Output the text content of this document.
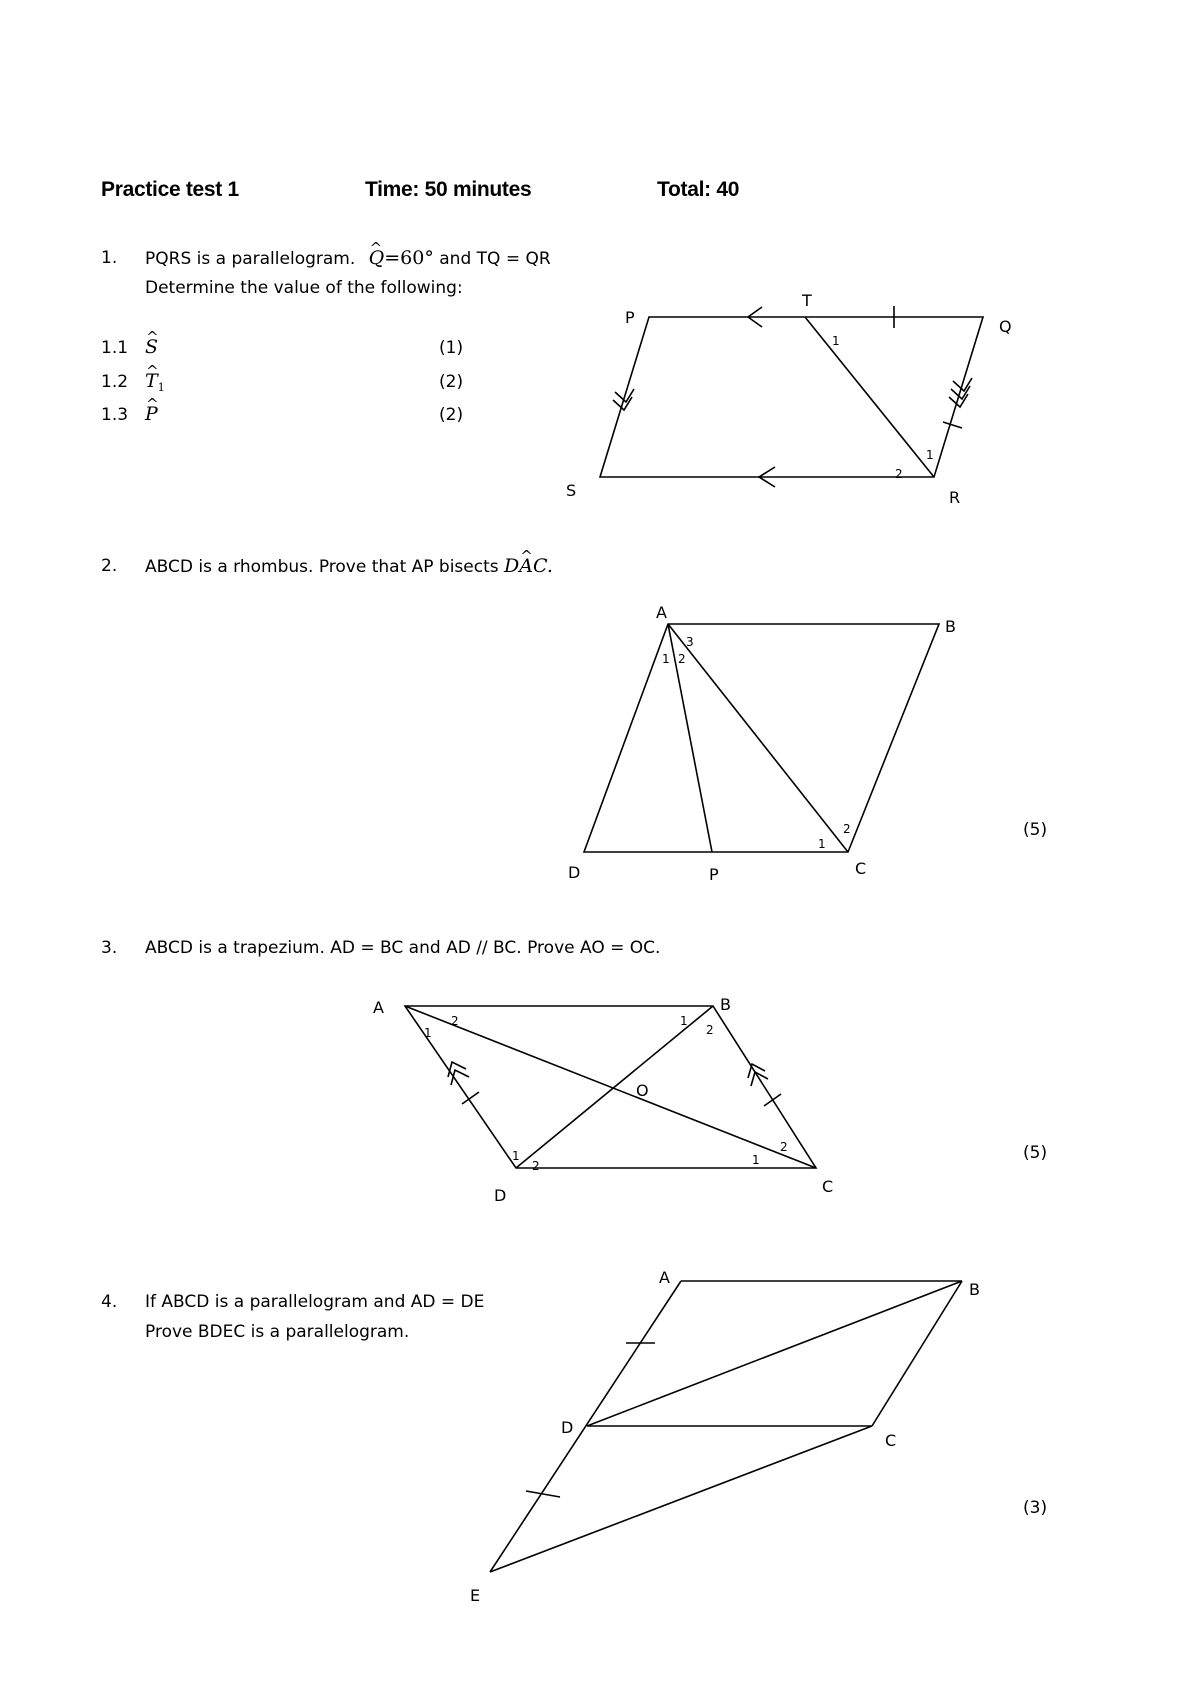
Practice test 1	Time: 50 minutes	Total: 40
1. PQRS is a parallelogram. ^ Q=60° and TQ = QR
Determine the value of the following:
1.1 ^ S	(1)
1.2 ^ $T_1$	(2)
1.3 ^ P	(2)
2. ABCD is a rhombus. Prove that AP bisects D^ AC.
(5)
3. ABCD is a trapezium. AD = BC and AD // BC. Prove AO = OC.
(5)
4. If ABCD is a parallelogram and AD = DE
Prove BDEC is a parallelogram.
(3)
P
T
Q
S	R
1
1
2
A
B
C
D	P
1 2
3
1
2
A	B
C
D
O
1
2	1
2
1
2
1
2
A
B
C
D
E
